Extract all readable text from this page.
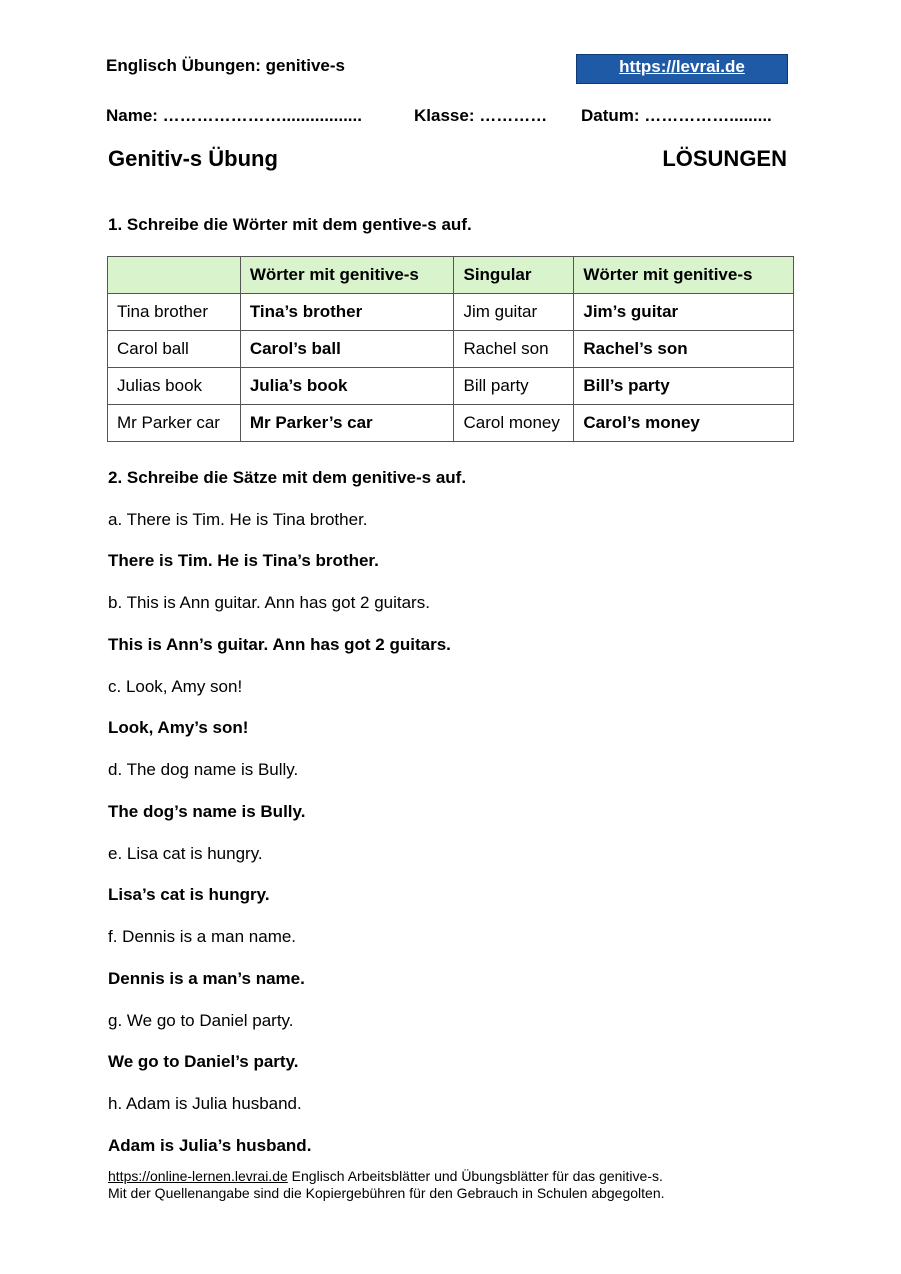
Englisch Übungen: genitive-s	https://levrai.de
Name: ………………….................	Klasse: ………… Datum: …………….........
Genitiv-s Übung	LÖSUNGEN
1. Schreibe die Wörter mit dem gentive-s auf.
	Wörter mit genitive-s	Singular	Wörter mit genitive-s
Tina brother	Tina’s brother	Jim guitar	Jim’s guitar
Carol ball	Carol’s ball	Rachel son	Rachel’s son
Julias book	Julia’s book	Bill party	Bill’s party
Mr Parker car	Mr Parker’s car	Carol money	Carol’s money
2. Schreibe die Sätze mit dem genitive-s auf.
a. There is Tim. He is Tina brother.
There is Tim. He is Tina’s brother.
b. This is Ann guitar. Ann has got 2 guitars.
This is Ann’s guitar. Ann has got 2 guitars.
c. Look, Amy son!
Look, Amy’s son!
d. The dog name is Bully.
The dog’s name is Bully.
e. Lisa cat is hungry.
Lisa’s cat is hungry.
f. Dennis is a man name.
Dennis is a man’s name.
g. We go to Daniel party.
We go to Daniel’s party.
h. Adam is Julia husband.
Adam is Julia’s husband.
https://online-lernen.levrai.de Englisch Arbeitsblätter und Übungsblätter für das genitive-s.
Mit der Quellenangabe sind die Kopiergebühren für den Gebrauch in Schulen abgegolten.
